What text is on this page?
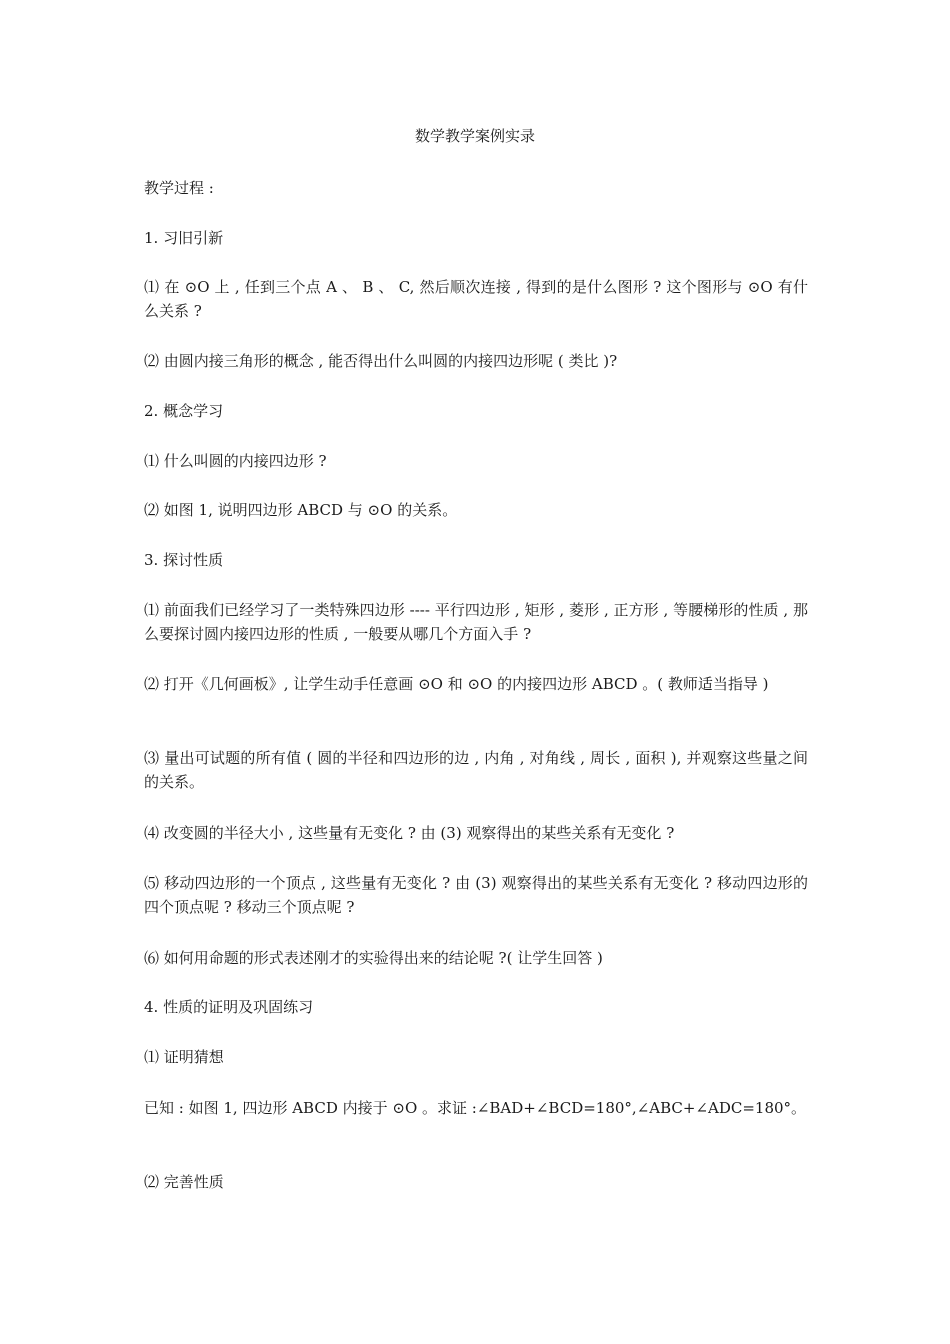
数学教学案例实录
教学过程 :
1. 习旧引新
⑴ 在 ⊙O 上 , 任到三个点 A 、 B 、 C, 然后顺次连接 , 得到的是什么图形 ? 这个图形与 ⊙O 有什么关系 ?
⑵ 由圆内接三角形的概念 , 能否得出什么叫圆的内接四边形呢 ( 类比 )?
2. 概念学习
⑴ 什么叫圆的内接四边形 ?
⑵ 如图 1, 说明四边形 ABCD 与 ⊙O 的关系。
3. 探讨性质
⑴ 前面我们已经学习了一类特殊四边形 ---- 平行四边形 , 矩形 , 菱形 , 正方形 , 等腰梯形的性质 , 那么要探讨圆内接四边形的性质 , 一般要从哪几个方面入手 ?
⑵ 打开《几何画板》, 让学生动手任意画 ⊙O 和 ⊙O 的内接四边形 ABCD 。( 教师适当指导 )
⑶ 量出可试题的所有值 ( 圆的半径和四边形的边 , 内角 , 对角线 , 周长 , 面积 ), 并观察这些量之间的关系。
⑷ 改变圆的半径大小 , 这些量有无变化 ? 由 (3) 观察得出的某些关系有无变化 ?
⑸ 移动四边形的一个顶点 , 这些量有无变化 ? 由 (3) 观察得出的某些关系有无变化 ? 移动四边形的四个顶点呢 ? 移动三个顶点呢 ?
⑹ 如何用命题的形式表述刚才的实验得出来的结论呢 ?( 让学生回答 )
4. 性质的证明及巩固练习
⑴ 证明猜想
已知 : 如图 1, 四边形 ABCD 内接于 ⊙O 。求证 :∠BAD+∠BCD=180°,∠ABC+∠ADC=180°。
⑵ 完善性质
